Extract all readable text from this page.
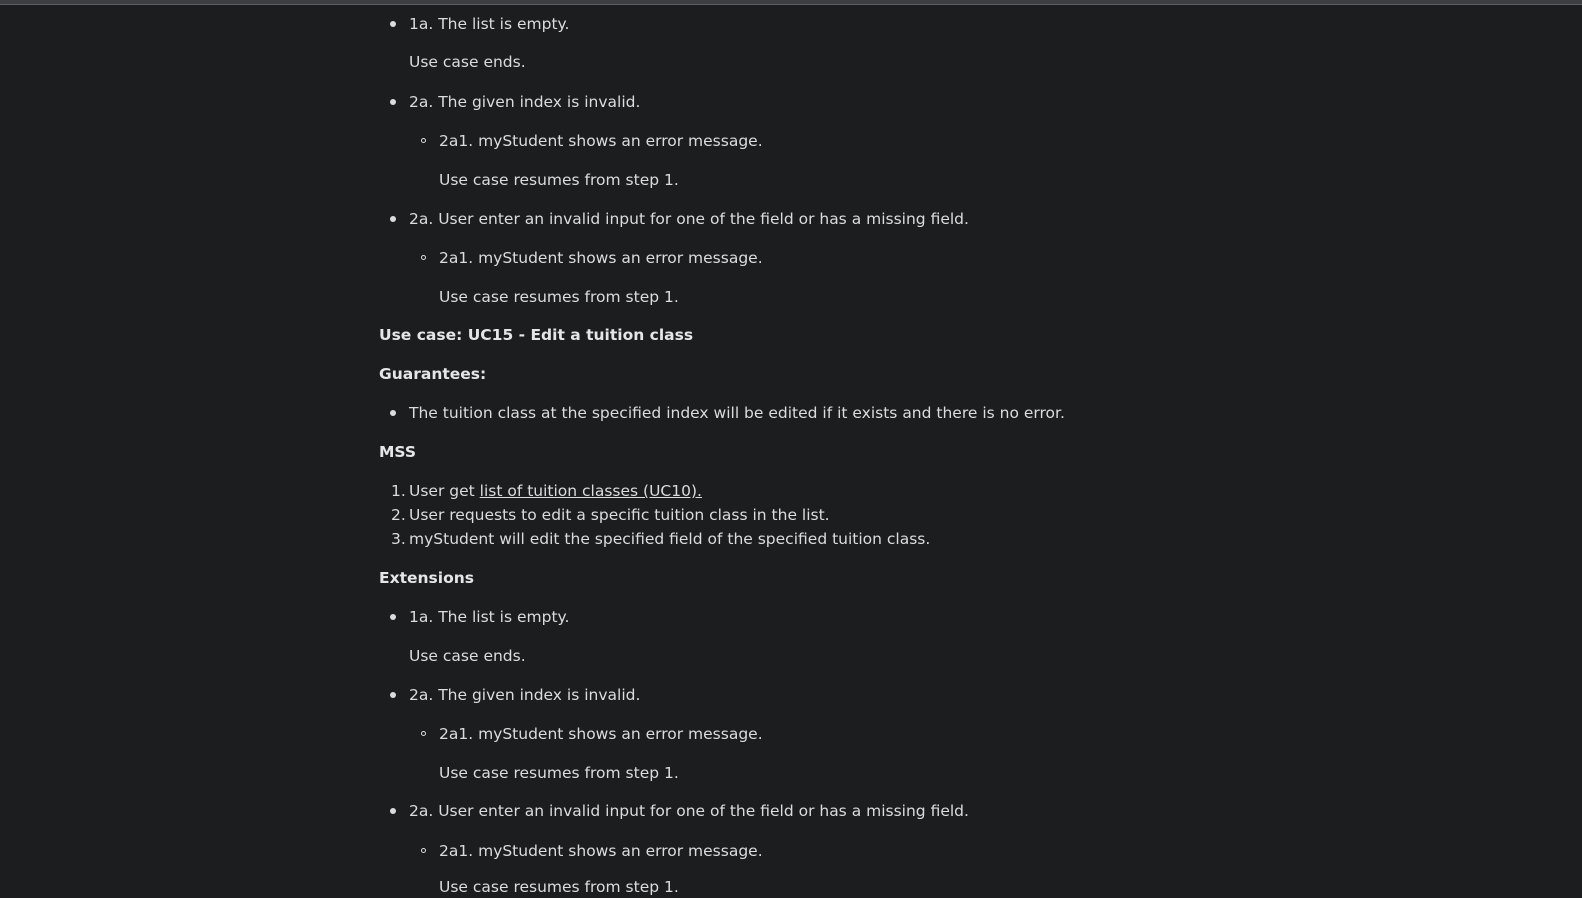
1a. The list is empty.
Use case ends.
2a. The given index is invalid.
2a1. myStudent shows an error message.
Use case resumes from step 1.
2a. User enter an invalid input for one of the field or has a missing field.
2a1. myStudent shows an error message.
Use case resumes from step 1.
Use case: UC15 - Edit a tuition class
Guarantees:
The tuition class at the specified index will be edited if it exists and there is no error.
MSS
1. User get list of tuition classes (UC10).
2. User requests to edit a specific tuition class in the list.
3. myStudent will edit the specified field of the specified tuition class.
Extensions
1a. The list is empty.
Use case ends.
2a. The given index is invalid.
2a1. myStudent shows an error message.
Use case resumes from step 1.
2a. User enter an invalid input for one of the field or has a missing field.
2a1. myStudent shows an error message.
Use case resumes from step 1.
